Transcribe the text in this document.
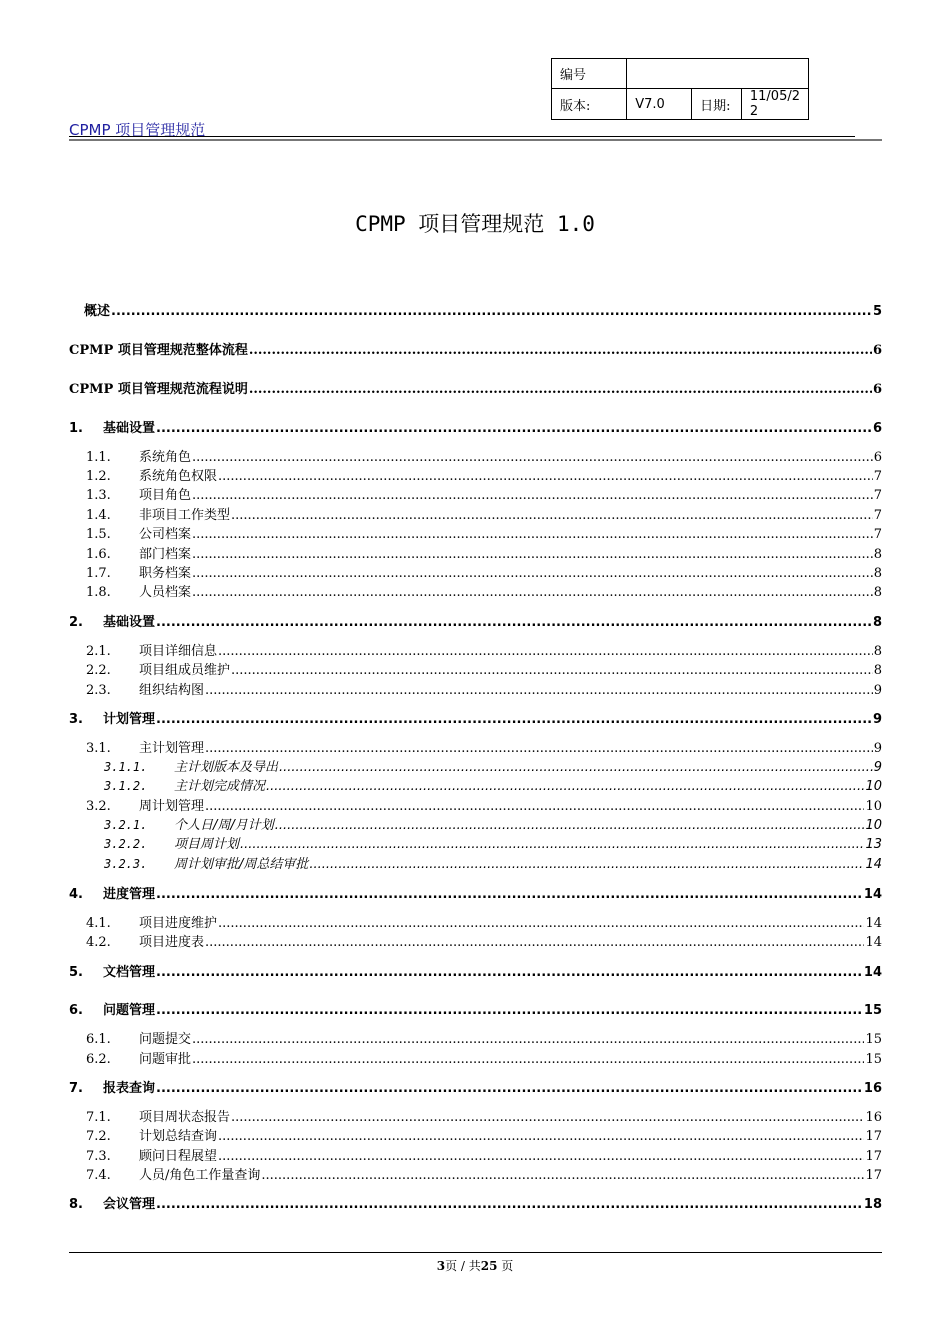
编号			
版本:	V7.0	日期:	11/05/2
2
CPMP 项目管理规范
CPMP 项目管理规范 1.0
概述 .....	5
CPMP 项目管理规范整体流程 .....	6
CPMP 项目管理规范流程说明 .....	6
1.	基础设置 .....	6
1.1.	系统角色 .....	6
1.2.	系统角色权限 .....	7
1.3.	项目角色 .....	7
1.4.	非项目工作类型 .....	7
1.5.	公司档案 .....	7
1.6.	部门档案 .....	8
1.7.	职务档案 .....	8
1.8.	人员档案 .....	8
2.	基础设置 .....	8
2.1.	项目详细信息 .....	8
2.2.	项目组成员维护 .....	8
2.3.	组织结构图 .....	9
3.	计划管理 .....	9
3.1.	主计划管理 .....	9
3.1.1.	主计划版本及导出 .....	9
3.1.2.	主计划完成情况 .....	10
3.2.	周计划管理 .....	10
3.2.1.	个人日/周/月计划 .....	10
3.2.2.	项目周计划 .....	13
3.2.3.	周计划审批/周总结审批 .....	14
4.	进度管理 .....	14
4.1.	项目进度维护 .....	14
4.2.	项目进度表 .....	14
5.	文档管理 .....	14
6.	问题管理 .....	15
6.1.	问题提交 .....	15
6.2.	问题审批 .....	15
7.	报表查询 .....	16
7.1.	项目周状态报告 .....	16
7.2.	计划总结查询 .....	17
7.3.	顾问日程展望 .....	17
7.4.	人员/角色工作量查询 .....	17
8.	会议管理 .....	18
3页 / 共25 页
